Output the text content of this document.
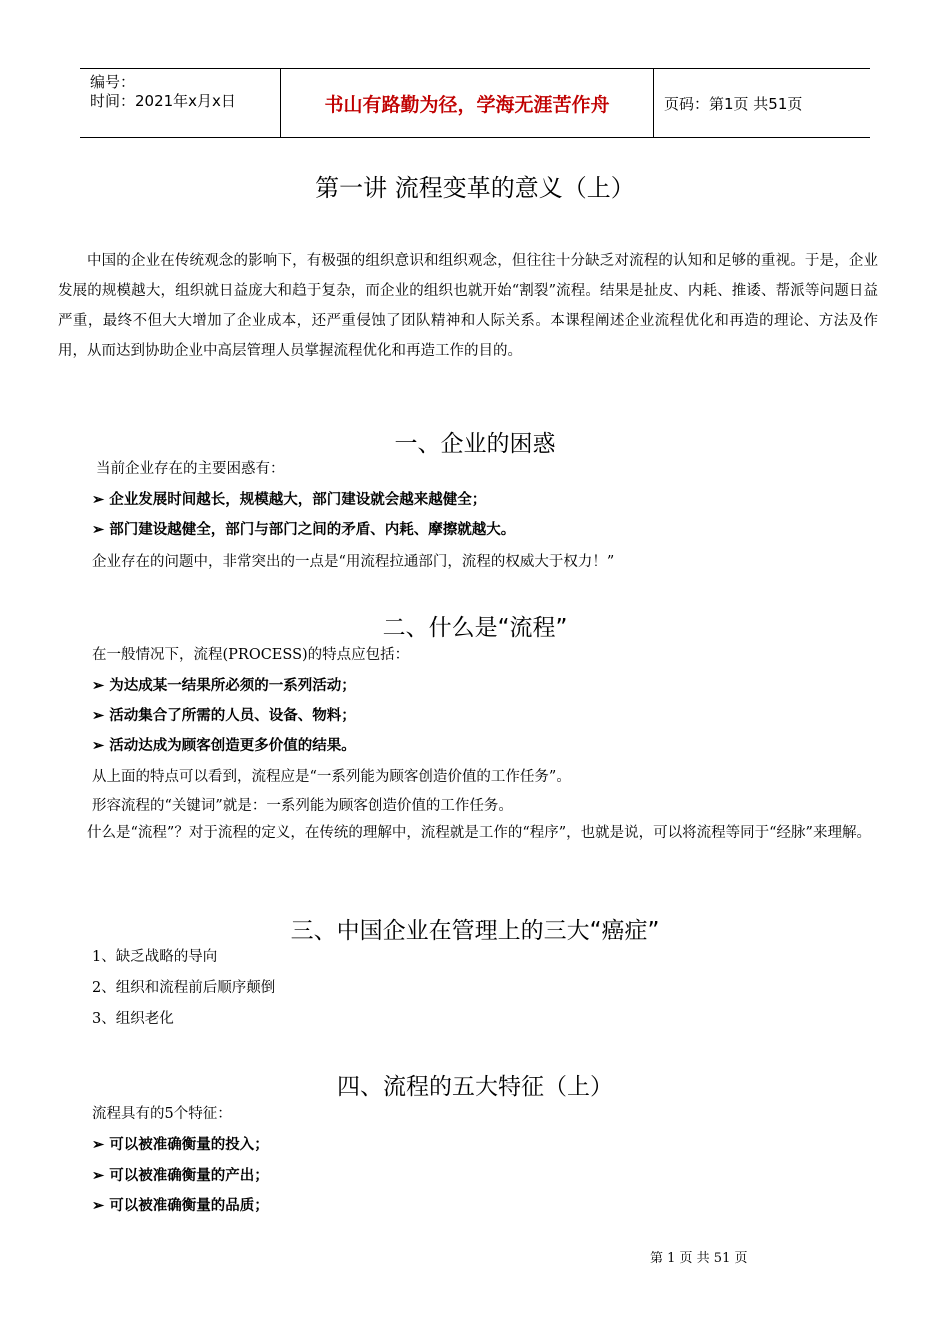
编号：
时间：2021年x月x日	书山有路勤为径，学海无涯苦作舟	页码：第1页 共51页
第一讲 流程变革的意义（上）

中国的企业在传统观念的影响下，有极强的组织意识和组织观念，但往往十分缺乏对流程的认知和足够的重视。于是，企业发展的规模越大，组织就日益庞大和趋于复杂，而企业的组织也就开始“割裂”流程。结果是扯皮、内耗、推诿、帮派等问题日益严重，最终不但大大增加了企业成本，还严重侵蚀了团队精神和人际关系。本课程阐述企业流程优化和再造的理论、方法及作用，从而达到协助企业中高层管理人员掌握流程优化和再造工作的目的。

一、企业的困惑
当前企业存在的主要困惑有：
➢ 企业发展时间越长，规模越大，部门建设就会越来越健全；
➢ 部门建设越健全，部门与部门之间的矛盾、内耗、摩擦就越大。
企业存在的问题中，非常突出的一点是“用流程拉通部门，流程的权威大于权力！”
二、什么是“流程”
在一般情况下，流程(PROCESS)的特点应包括：
➢ 为达成某一结果所必须的一系列活动；
➢ 活动集合了所需的人员、设备、物料；
➢ 活动达成为顾客创造更多价值的结果。
从上面的特点可以看到，流程应是“一系列能为顾客创造价值的工作任务”。
形容流程的“关键词”就是：一系列能为顾客创造价值的工作任务。

什么是“流程”？对于流程的定义，在传统的理解中，流程就是工作的“程序”，也就是说，可以将流程等同于“经脉”来理解。

三、中国企业在管理上的三大“癌症”
1、缺乏战略的导向
2、组织和流程前后顺序颠倒
3、组织老化
四、流程的五大特征（上）
流程具有的5个特征：
➢ 可以被准确衡量的投入；
➢ 可以被准确衡量的产出；
➢ 可以被准确衡量的品质；
第 1 页 共 51 页
